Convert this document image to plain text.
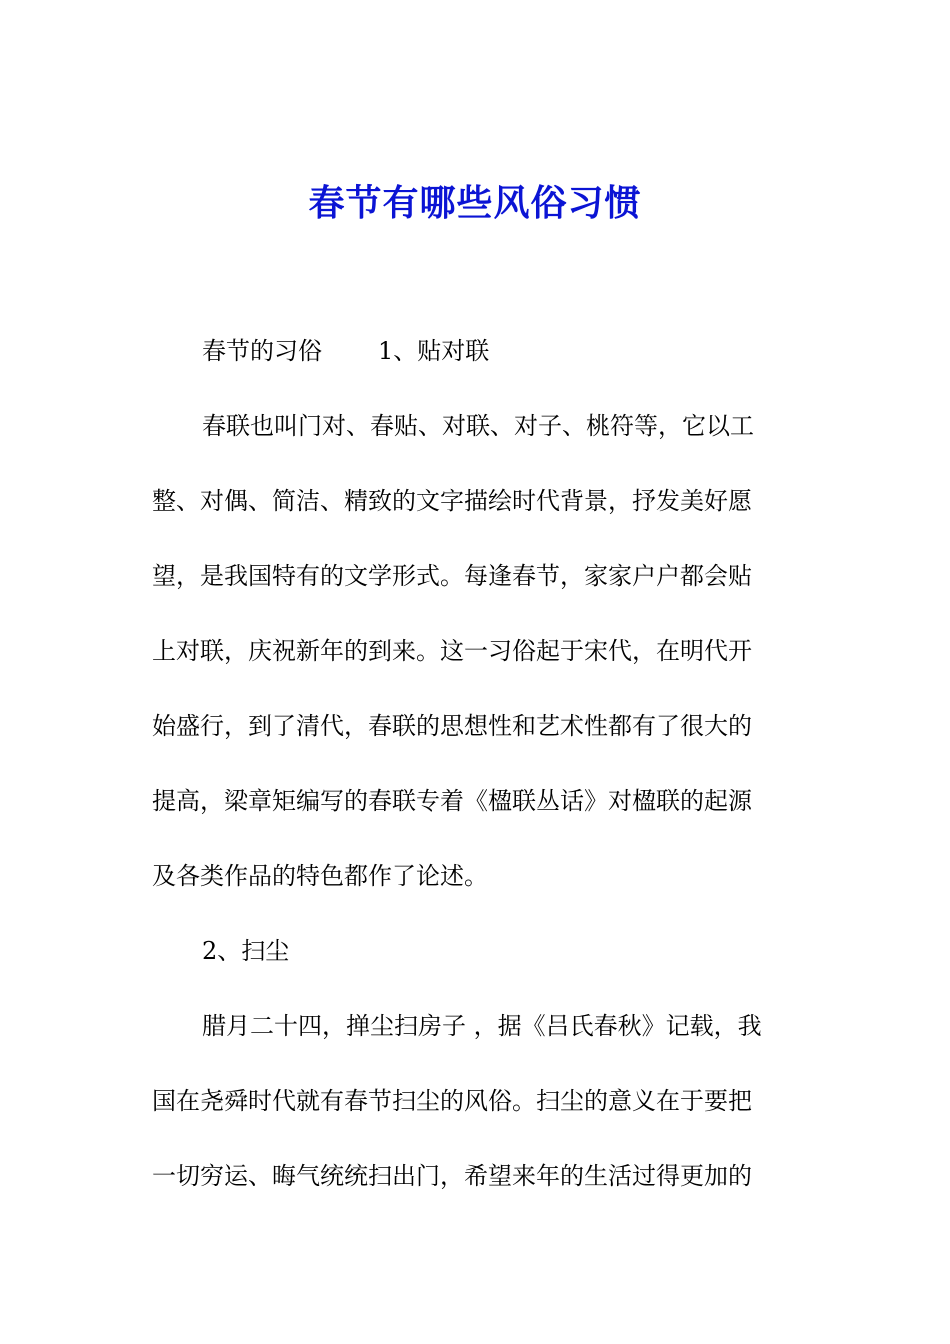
春节有哪些风俗习惯

春节的习俗 1、贴对联

春联也叫门对、春贴、对联、对子、桃符等，它以工

整、对偶、简洁、精致的文字描绘时代背景，抒发美好愿

望，是我国特有的文学形式。每逢春节，家家户户都会贴

上对联，庆祝新年的到来。这一习俗起于宋代，在明代开

始盛行，到了清代，春联的思想性和艺术性都有了很大的

提高，梁章矩编写的春联专着《楹联丛话》对楹联的起源

及各类作品的特色都作了论述。

2、扫尘

腊月二十四，掸尘扫房子 ，据《吕氏春秋》记载，我

国在尧舜时代就有春节扫尘的风俗。扫尘的意义在于要把

一切穷运、晦气统统扫出门，希望来年的生活过得更加的
